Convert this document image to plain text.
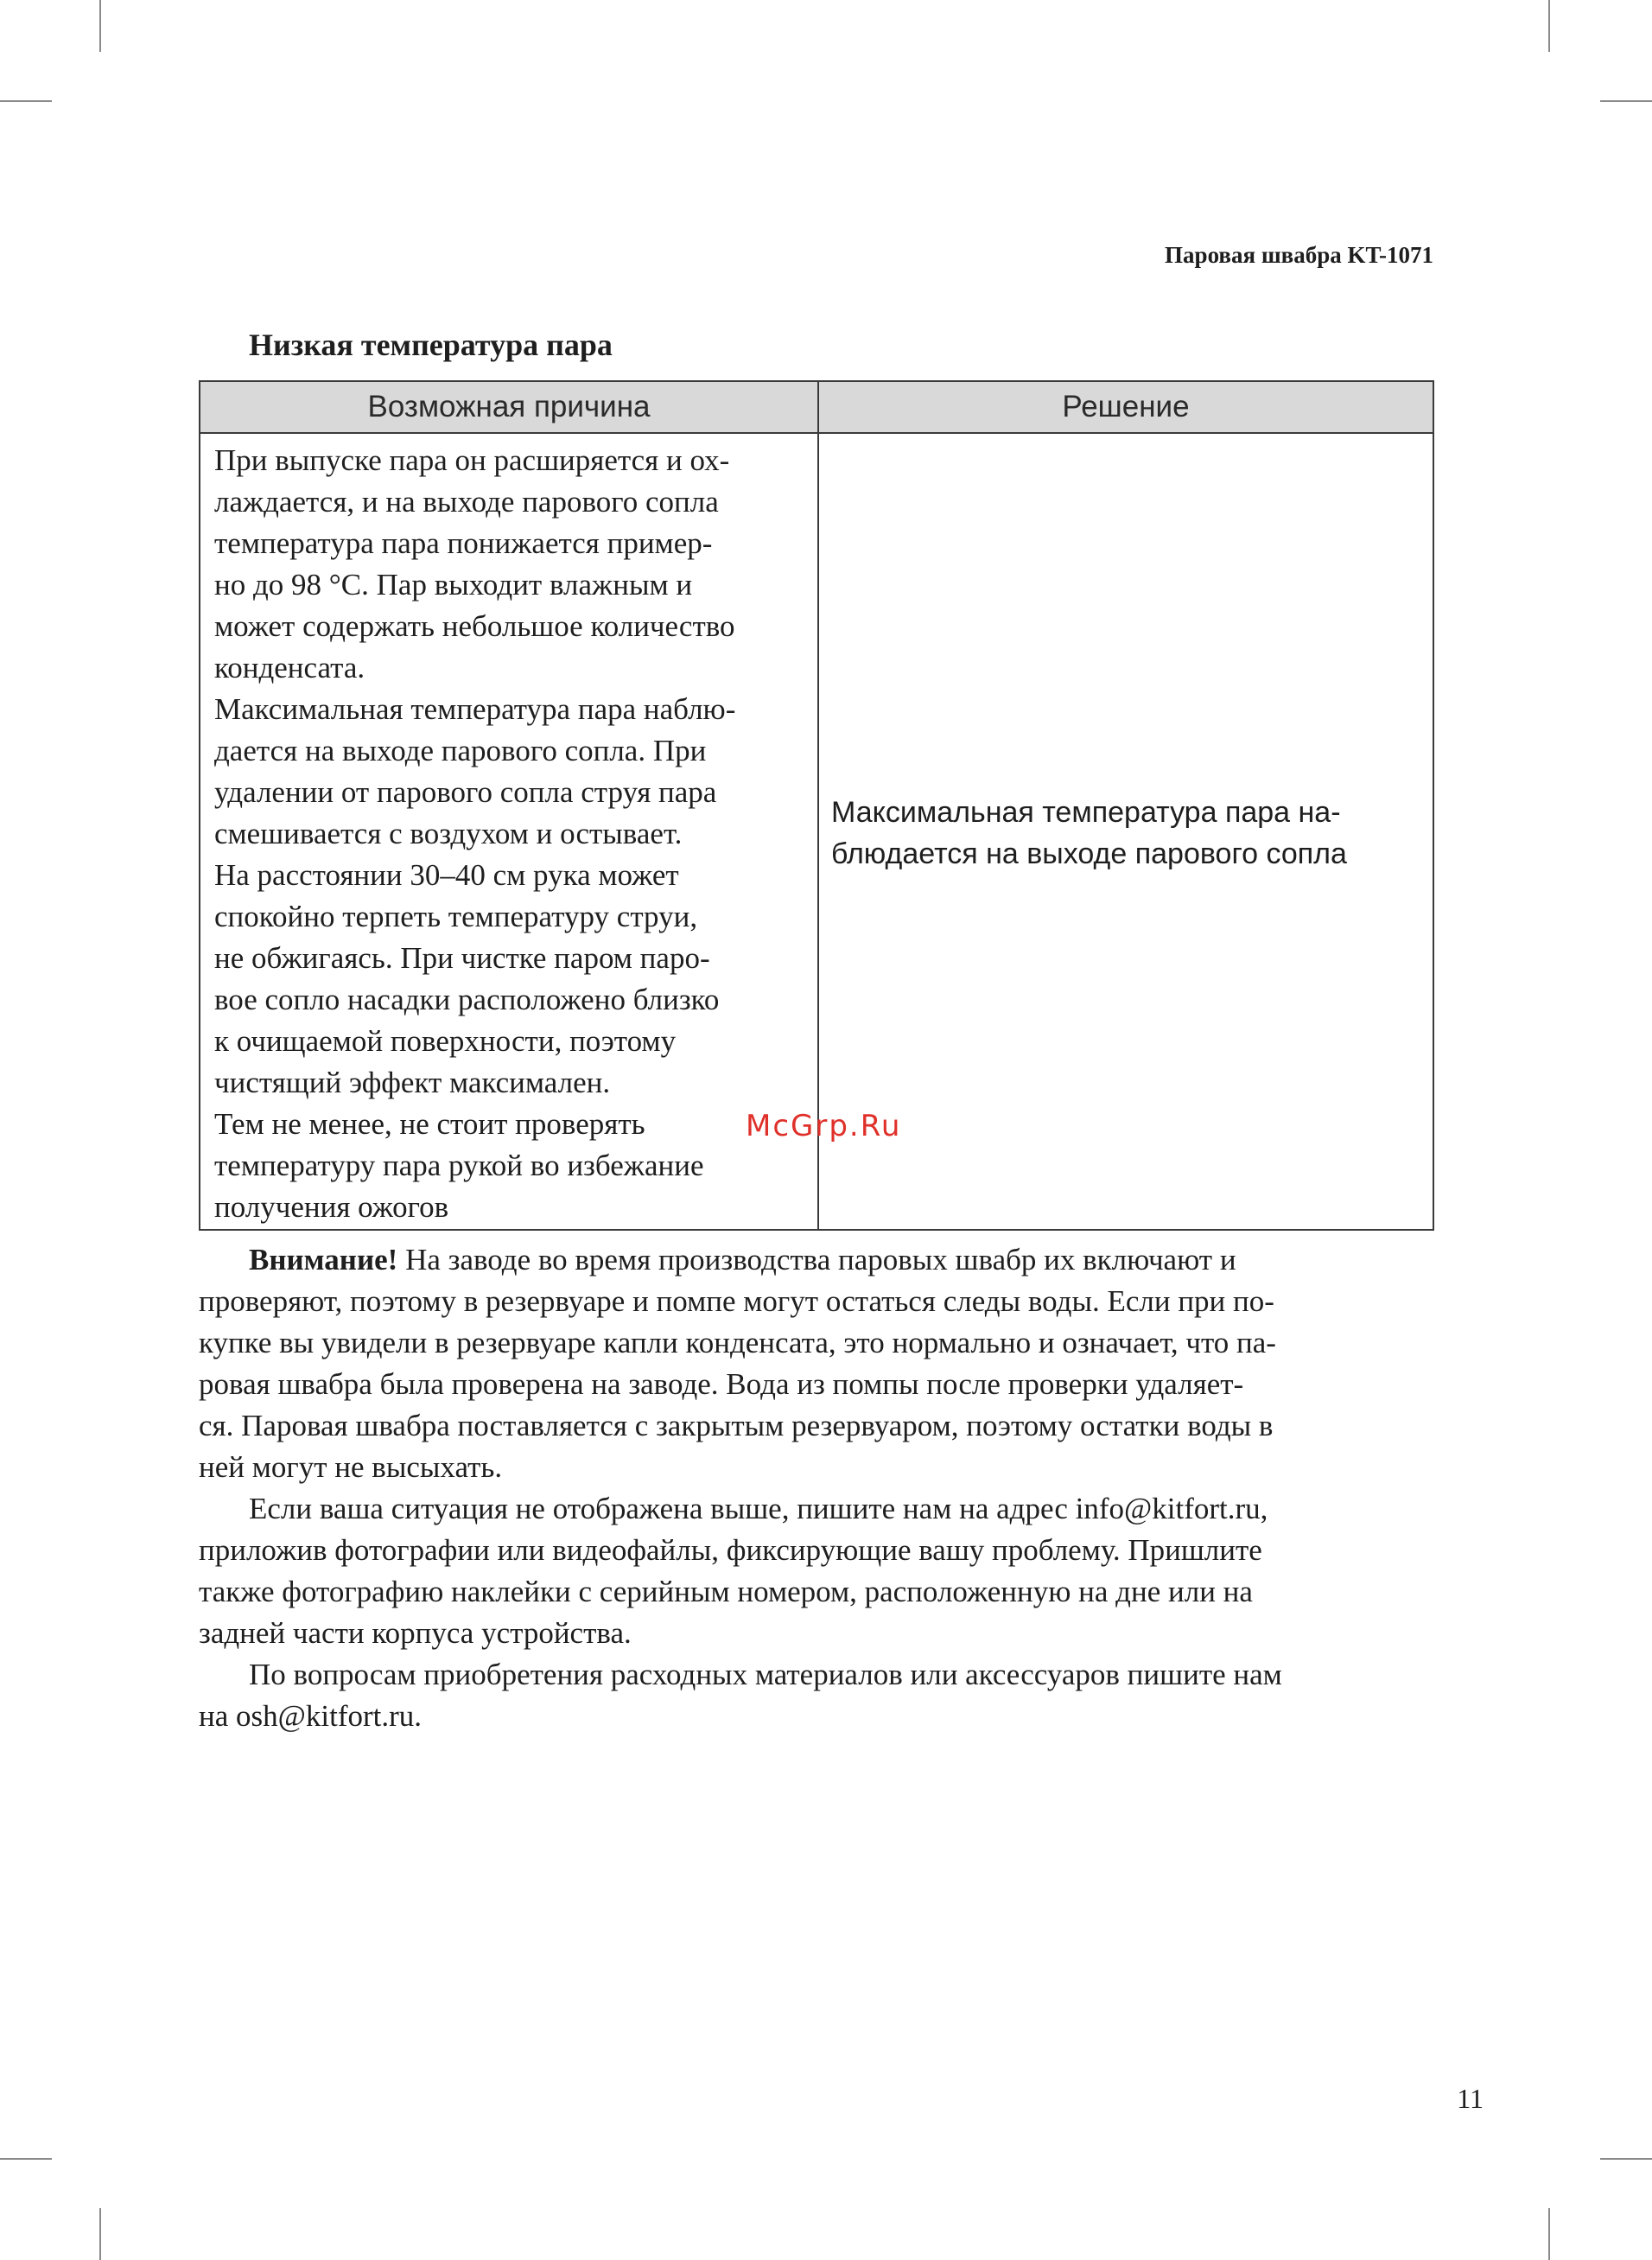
Паровая швабра KT-1071
Низкая температура пара
Возможная причина	Решение

При выпуске пара он расширяется и ох-

лаждается, и на выходе парового сопла

температура пара понижается пример-

но до 98 °С. Пар выходит влажным и

может содержать небольшое количество

конденсата.

Максимальная температура пара наблю-

дается на выходе парового сопла. При

удалении от парового сопла струя пара

смешивается с воздухом и остывает.

На расстоянии 30–40 см рука может

спокойно терпеть температуру струи,

не обжигаясь. При чистке паром паро-

вое сопло насадки расположено близко

к очищаемой поверхности, поэтому

чистящий эффект максимален.

Тем не менее, не стоит проверять

температуру пара рукой во избежание

получения ожогов

Максимальная температура пара на-

блюдается на выходе парового сопла

Внимание! На заводе во время производства паровых швабр их включают и
проверяют, поэтому в резервуаре и помпе могут остаться следы воды. Если при по-
купке вы увидели в резервуаре капли конденсата, это нормально и означает, что па-
ровая швабра была проверена на заводе. Вода из помпы после проверки удаляет-
ся. Паровая швабра поставляется с закрытым резервуаром, поэтому остатки воды в
ней могут не высыхать.
Если ваша ситуация не отображена выше, пишите нам на адрес info@kitfort.ru,
приложив фотографии или видеофайлы, фиксирующие вашу проблему. Пришлите
также фотографию наклейки с серийным номером, расположенную на дне или на
задней части корпуса устройства.
По вопросам приобретения расходных материалов или аксессуаров пишите нам
на osh@kitfort.ru.
McGrp.Ru
11
